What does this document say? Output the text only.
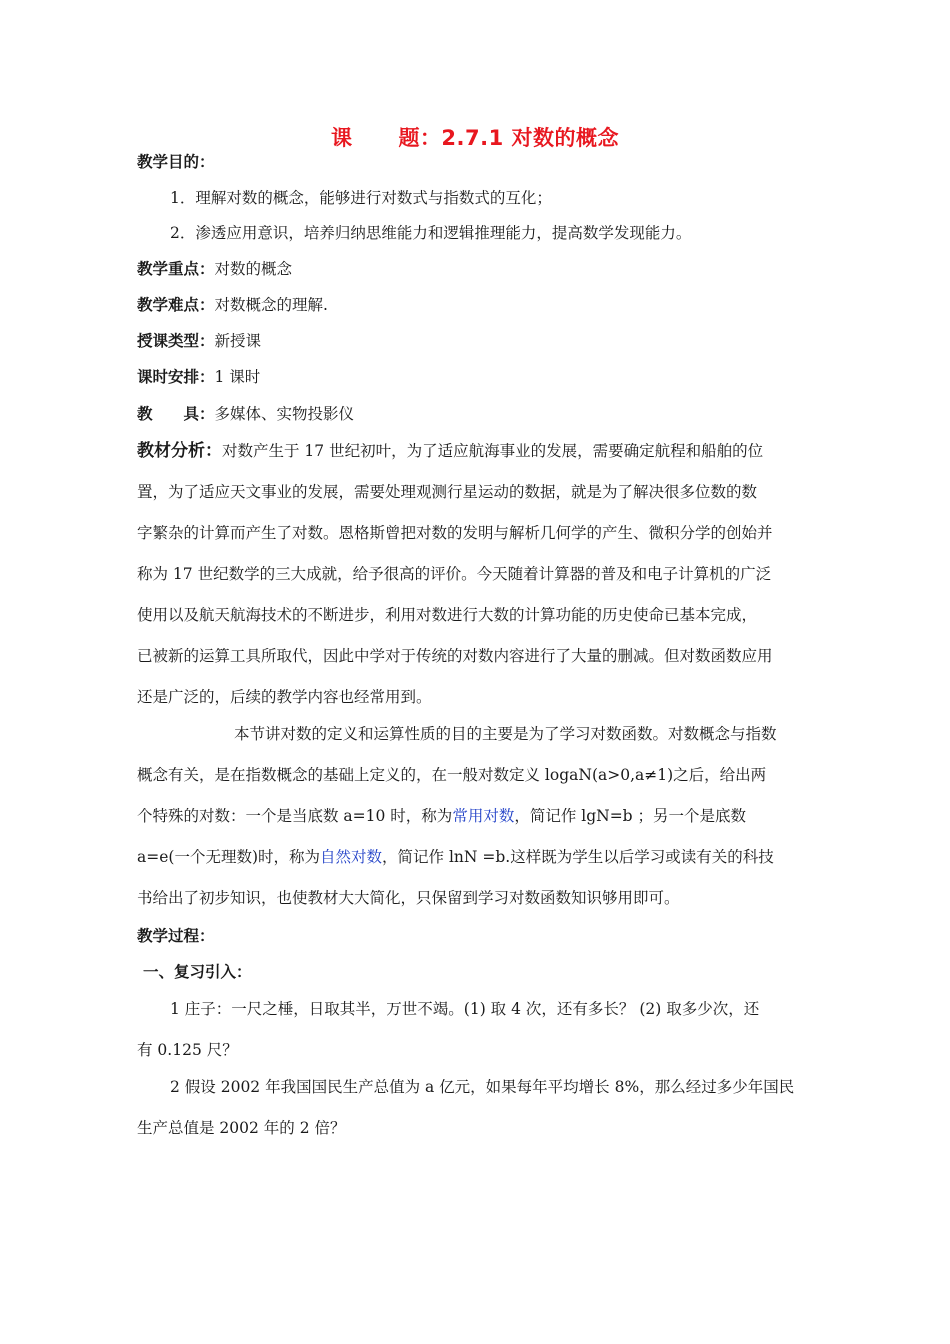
课 题：2.7.1 对数的概念
教学目的：
1．理解对数的概念，能够进行对数式与指数式的互化；
2．渗透应用意识，培养归纳思维能力和逻辑推理能力，提高数学发现能力。
教学重点：对数的概念
教学难点：对数概念的理解.
授课类型：新授课
课时安排：1 课时
教 具：多媒体、实物投影仪
教材分析：对数产生于 17 世纪初叶，为了适应航海事业的发展，需要确定航程和船舶的位
置，为了适应天文事业的发展，需要处理观测行星运动的数据，就是为了解决很多位数的数
字繁杂的计算而产生了对数。恩格斯曾把对数的发明与解析几何学的产生、微积分学的创始并
称为 17 世纪数学的三大成就，给予很高的评价。今天随着计算器的普及和电子计算机的广泛
使用以及航天航海技术的不断进步，利用对数进行大数的计算功能的历史使命已基本完成，
已被新的运算工具所取代，因此中学对于传统的对数内容进行了大量的删减。但对数函数应用
还是广泛的，后续的教学内容也经常用到。
本节讲对数的定义和运算性质的目的主要是为了学习对数函数。对数概念与指数
概念有关，是在指数概念的基础上定义的，在一般对数定义 logaN(a>0,a≠1)之后，给出两
个特殊的对数：一个是当底数 a=10 时，称为常用对数，简记作 lgN=b ；另一个是底数
a=e(一个无理数)时，称为自然对数，简记作 lnN =b.这样既为学生以后学习或读有关的科技
书给出了初步知识，也使教材大大简化，只保留到学习对数函数知识够用即可。
教学过程：
一、复习引入：
1 庄子：一尺之棰，日取其半，万世不竭。(1) 取 4 次，还有多长？ (2) 取多少次，还
有 0.125 尺？
2 假设 2002 年我国国民生产总值为 a 亿元，如果每年平均增长 8%，那么经过多少年国民
生产总值是 2002 年的 2 倍？
